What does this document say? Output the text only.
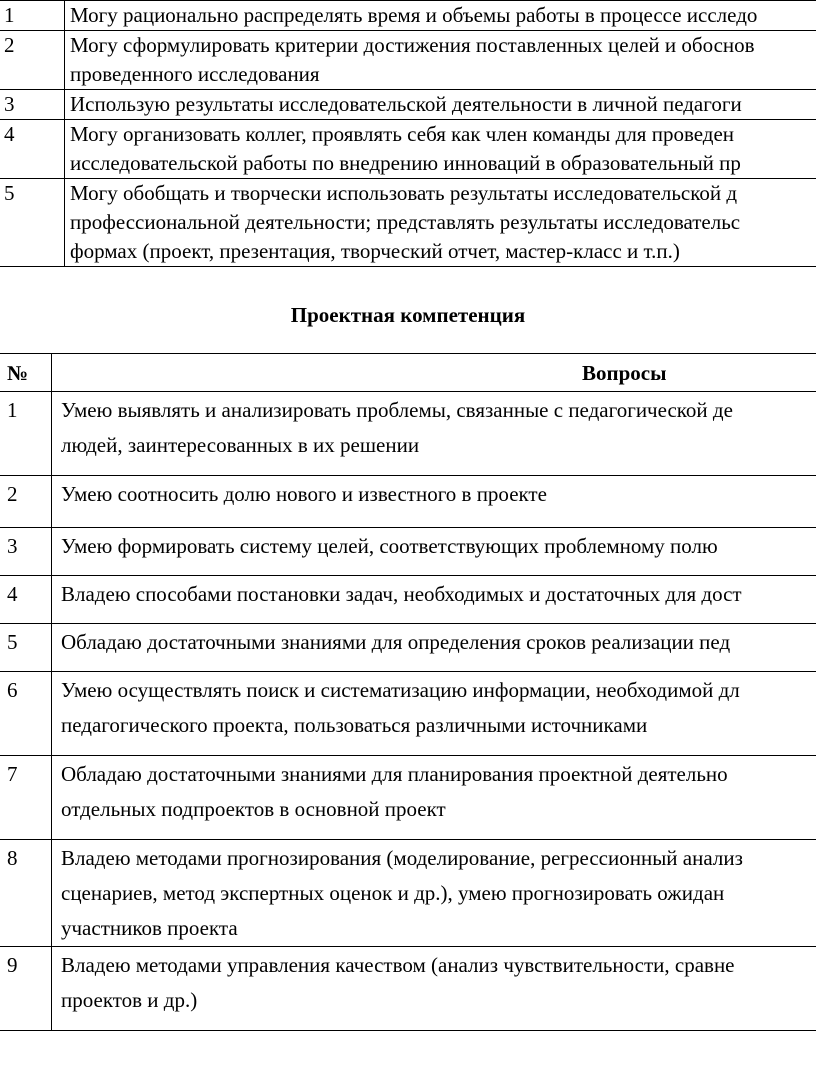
1	Могу рационально распределять время и объемы работы в процессе исследо

2	Могу сформулировать критерии достижения поставленных целей и обоснов
проведенного исследования

3	Использую результаты исследовательской деятельности в личной педагоги

4	Могу организовать коллег, проявлять себя как член команды для проведен
исследовательской работы по внедрению инноваций в образовательный пр

5	Могу обобщать и творчески использовать результаты исследовательской д
профессиональной деятельности; представлять результаты исследовательс
формах (проект, презентация, творческий отчет, мастер-класс и т.п.)
Проектная компетенция
№	Вопросы
1	Умею выявлять и анализировать проблемы, связанные с педагогической де
людей, заинтересованных в их решении

2	Умею соотносить долю нового и известного в проекте

3	Умею формировать систему целей, соответствующих проблемному полю

4	Владею способами постановки задач, необходимых и достаточных для дост

5	Обладаю достаточными знаниями для определения сроков реализации пед

6	Умею осуществлять поиск и систематизацию информации, необходимой дл
педагогического проекта, пользоваться различными источниками

7	Обладаю достаточными знаниями для планирования проектной деятельно
отдельных подпроектов в основной проект

8	Владею методами прогнозирования (моделирование, регрессионный анализ
сценариев, метод экспертных оценок и др.), умею прогнозировать ожидан
участников проекта

9	Владею методами управления качеством (анализ чувствительности, сравне
проектов и др.)
